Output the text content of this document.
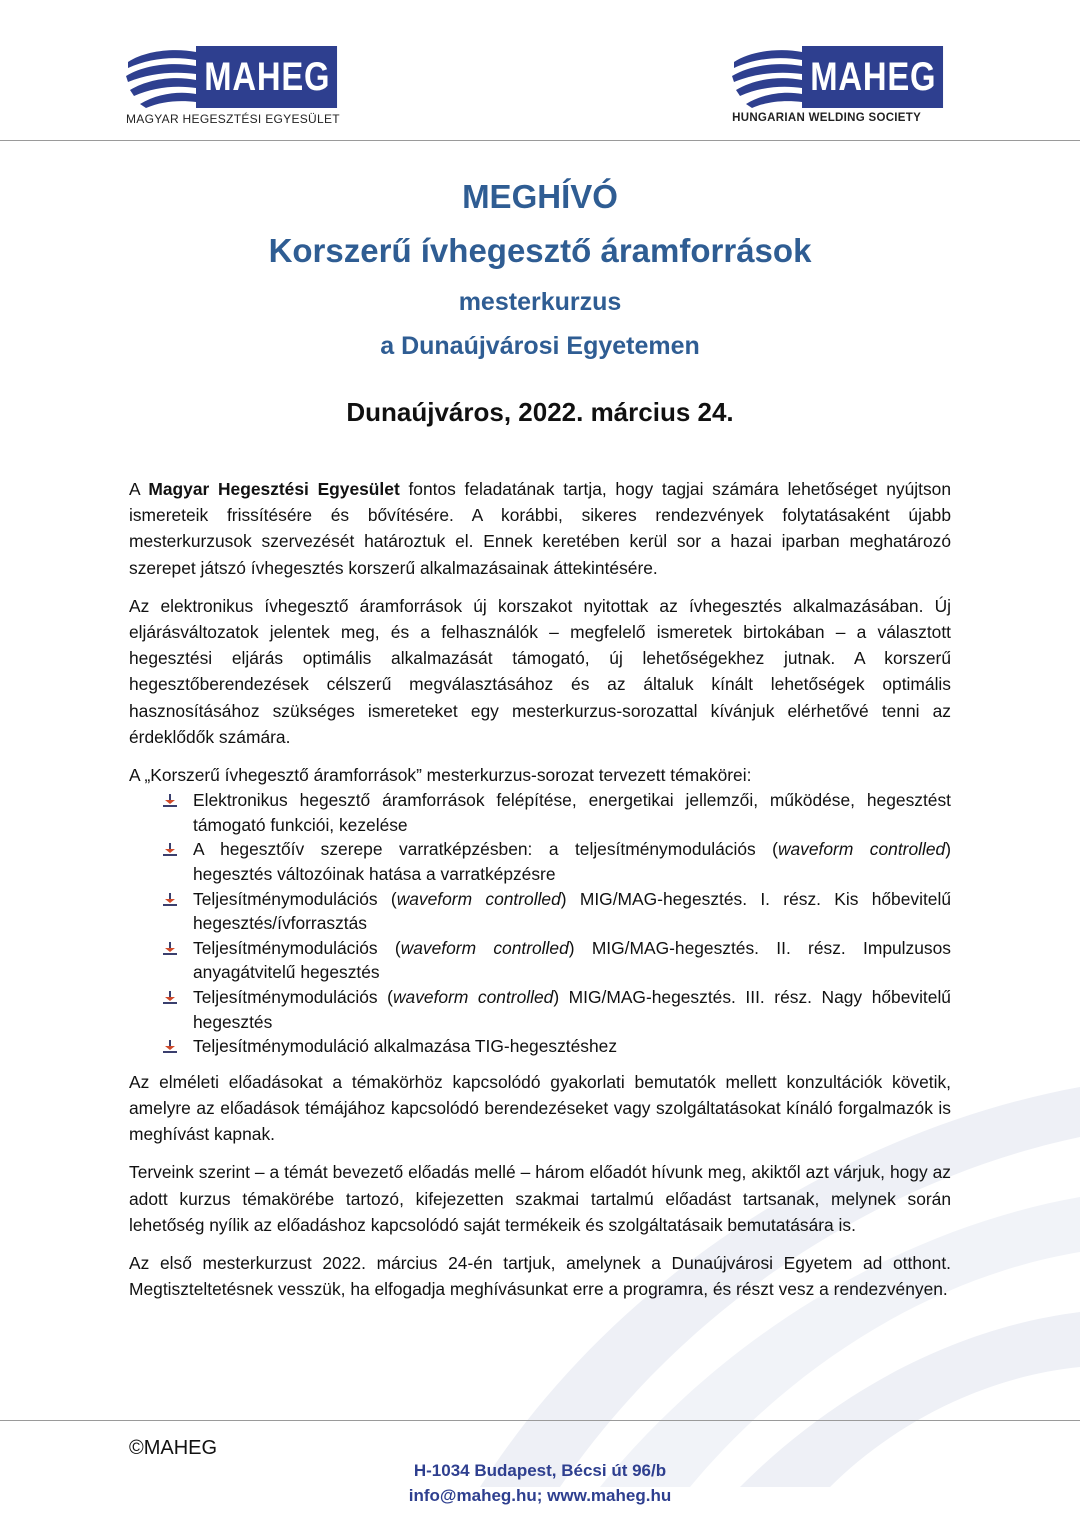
MAHEG
MAGYAR HEGESZTÉSI EGYESÜLET
MAHEG
HUNGARIAN WELDING SOCIETY
MEGHÍVÓ
Korszerű ívhegesztő áramforrások
mesterkurzus
a Dunaújvárosi Egyetemen
Dunaújváros, 2022. március 24.

A Magyar Hegesztési Egyesület fontos feladatának tartja, hogy tagjai számára lehetőséget nyújtson ismereteik frissítésére és bővítésére. A korábbi, sikeres rendezvények folytatásaként újabb mesterkurzusok szervezését határoztuk el. Ennek keretében kerül sor a hazai iparban meghatározó szerepet játszó ívhegesztés korszerű alkalmazásainak áttekintésére.

Az elektronikus ívhegesztő áramforrások új korszakot nyitottak az ívhegesztés alkalmazásában. Új eljárásváltozatok jelentek meg, és a felhasználók – megfelelő ismeretek birtokában – a választott hegesztési eljárás optimális alkalmazását támogató, új lehetőségekhez jutnak. A korszerű hegesztőberendezések célszerű megválasztásához és az általuk kínált lehetőségek optimális hasznosításához szükséges ismereteket egy mesterkurzus-sorozattal kívánjuk elérhetővé tenni az érdeklődők számára.

A „Korszerű ívhegesztő áramforrások” mesterkurzus-sorozat tervezett témakörei:

Elektronikus hegesztő áramforrások felépítése, energetikai jellemzői, működése, hegesztést támogató funkciói, kezelése
A hegesztőív szerepe varratképzésben: a teljesítménymodulációs (waveform controlled) hegesztés változóinak hatása a varratképzésre
Teljesítménymodulációs (waveform controlled) MIG/MAG-hegesztés. I. rész. Kis hőbevitelű hegesztés/ívforrasztás
Teljesítménymodulációs (waveform controlled) MIG/MAG-hegesztés. II. rész. Impulzusos anyagátvitelű hegesztés
Teljesítménymodulációs (waveform controlled) MIG/MAG-hegesztés. III. rész. Nagy hőbevitelű hegesztés
Teljesítménymoduláció alkalmazása TIG-hegesztéshez

Az elméleti előadásokat a témakörhöz kapcsolódó gyakorlati bemutatók mellett konzultációk követik, amelyre az előadások témájához kapcsolódó berendezéseket vagy szolgáltatásokat kínáló forgalmazók is meghívást kapnak.

Terveink szerint – a témát bevezető előadás mellé – három előadót hívunk meg, akiktől azt várjuk, hogy az adott kurzus témakörébe tartozó, kifejezetten szakmai tartalmú előadást tartsanak, melynek során lehetőség nyílik az előadáshoz kapcsolódó saját termékeik és szolgáltatásaik bemutatására is.

Az első mesterkurzust 2022. március 24-én tartjuk, amelynek a Dunaújvárosi Egyetem ad otthont. Megtiszteltetésnek vesszük, ha elfogadja meghívásunkat erre a programra, és részt vesz a rendezvényen.

©MAHEG
H-1034 Budapest, Bécsi út 96/b
info@maheg.hu; www.maheg.hu
